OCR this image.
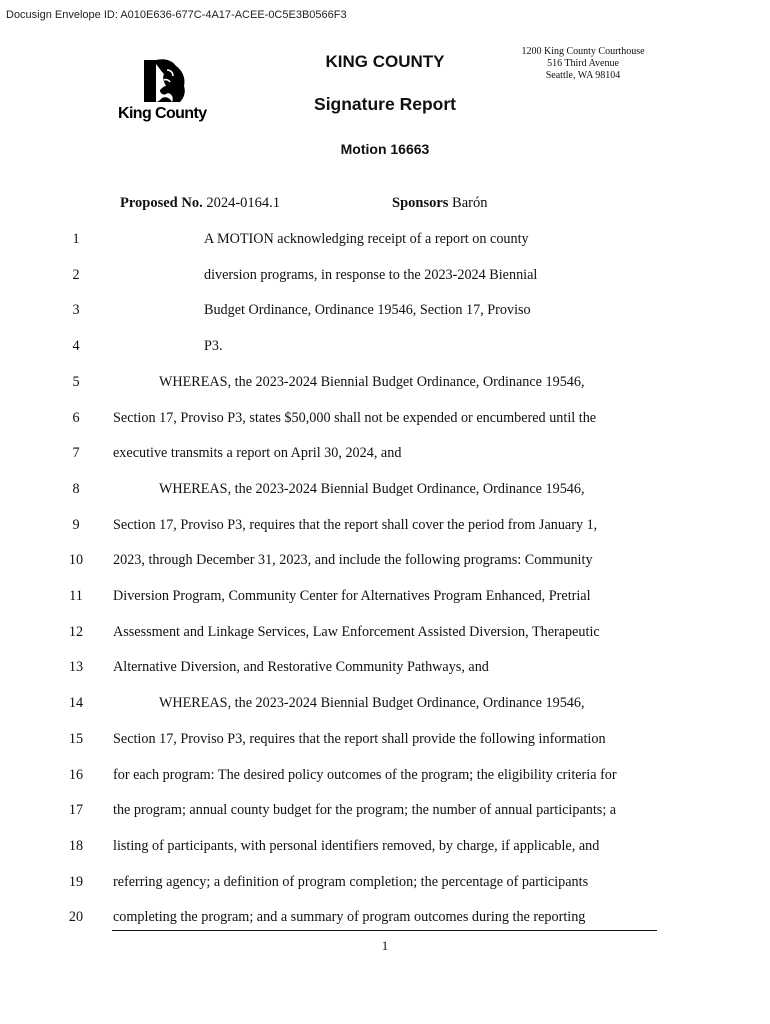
Docusign Envelope ID: A010E636-677C-4A17-ACEE-0C5E3B0566F3
King County
KING COUNTY
1200 King County Courthouse
516 Third Avenue
Seattle, WA 98104
Signature Report
Motion 16663
Proposed No. 2024-0164.1	Sponsors Barón
1	A MOTION acknowledging receipt of a report on county
2	diversion programs, in response to the 2023-2024 Biennial
3	Budget Ordinance, Ordinance 19546, Section 17, Proviso
4	P3.
5	WHEREAS, the 2023-2024 Biennial Budget Ordinance, Ordinance 19546,
6	Section 17, Proviso P3, states $50,000 shall not be expended or encumbered until the
7	executive transmits a report on April 30, 2024, and
8	WHEREAS, the 2023-2024 Biennial Budget Ordinance, Ordinance 19546,
9	Section 17, Proviso P3, requires that the report shall cover the period from January 1,
10	2023, through December 31, 2023, and include the following programs: Community
11	Diversion Program, Community Center for Alternatives Program Enhanced, Pretrial
12	Assessment and Linkage Services, Law Enforcement Assisted Diversion, Therapeutic
13	Alternative Diversion, and Restorative Community Pathways, and
14	WHEREAS, the 2023-2024 Biennial Budget Ordinance, Ordinance 19546,
15	Section 17, Proviso P3, requires that the report shall provide the following information
16	for each program: The desired policy outcomes of the program; the eligibility criteria for
17	the program; annual county budget for the program; the number of annual participants; a
18	listing of participants, with personal identifiers removed, by charge, if applicable, and
19	referring agency; a definition of program completion; the percentage of participants
20	completing the program; and a summary of program outcomes during the reporting
1
